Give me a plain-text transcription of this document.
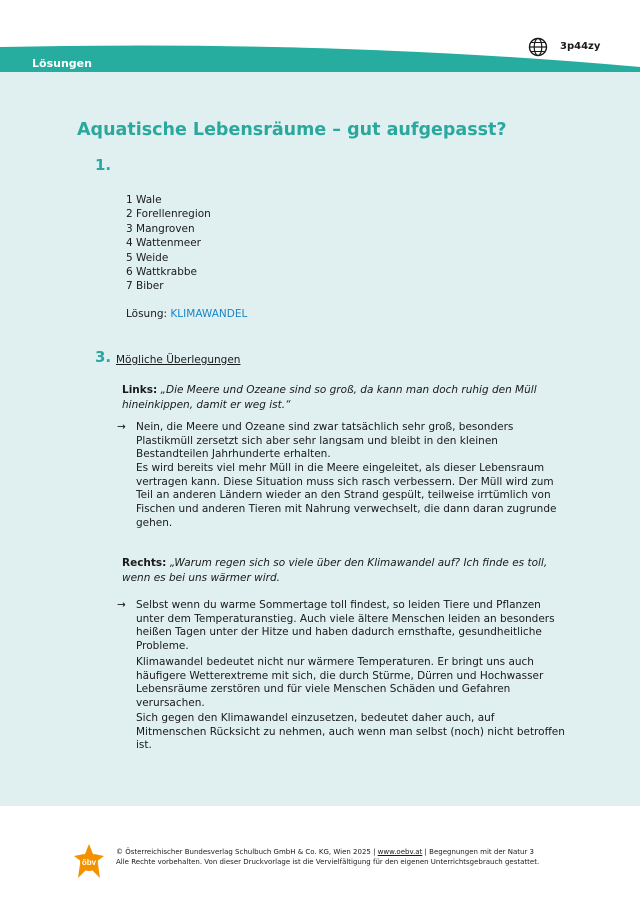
Lösungen
3p44zy
Aquatische Lebensräume – gut aufgepasst?
1.
1 Wale
2 Forellenregion
3 Mangroven
4 Wattenmeer
5 Weide
6 Wattkrabbe
7 Biber
Lösung: KLIMAWANDEL
3. Mögliche Überlegungen
Links: „Die Meere und Ozeane sind so groß, da kann man doch ruhig den Müll hineinkippen, damit er weg ist.“
→ Nein, die Meere und Ozeane sind zwar tatsächlich sehr groß, besonders Plastikmüll zersetzt sich aber sehr langsam und bleibt in den kleinen Bestandteilen Jahrhunderte erhalten.

Es wird bereits viel mehr Müll in die Meere eingeleitet, als dieser Lebensraum vertragen kann. Diese Situation muss sich rasch verbessern. Der Müll wird zum Teil an anderen Ländern wieder an den Strand gespült, teilweise irrtümlich von Fischen und anderen Tieren mit Nahrung verwechselt, die dann daran zugrunde gehen.

Rechts: „Warum regen sich so viele über den Klimawandel auf? Ich finde es toll, wenn es bei uns wärmer wird.
→ Selbst wenn du warme Sommertage toll findest, so leiden Tiere und Pflanzen unter dem Temperaturanstieg. Auch viele ältere Menschen leiden an besonders heißen Tagen unter der Hitze und haben dadurch ernsthafte, gesundheitliche Probleme.

Klimawandel bedeutet nicht nur wärmere Temperaturen. Er bringt uns auch häufigere Wetterextreme mit sich, die durch Stürme, Dürren und Hochwasser Lebensräume zerstören und für viele Menschen Schäden und Gefahren verursachen.

Sich gegen den Klimawandel einzusetzen, bedeutet daher auch, auf Mitmenschen Rücksicht zu nehmen, auch wenn man selbst (noch) nicht betroffen ist.

öbv
© Österreichischer Bundesverlag Schulbuch GmbH & Co. KG, Wien 2025 | www.oebv.at | Begegnungen mit der Natur 3
Alle Rechte vorbehalten. Von dieser Druckvorlage ist die Vervielfältigung für den eigenen Unterrichtsgebrauch gestattet.
